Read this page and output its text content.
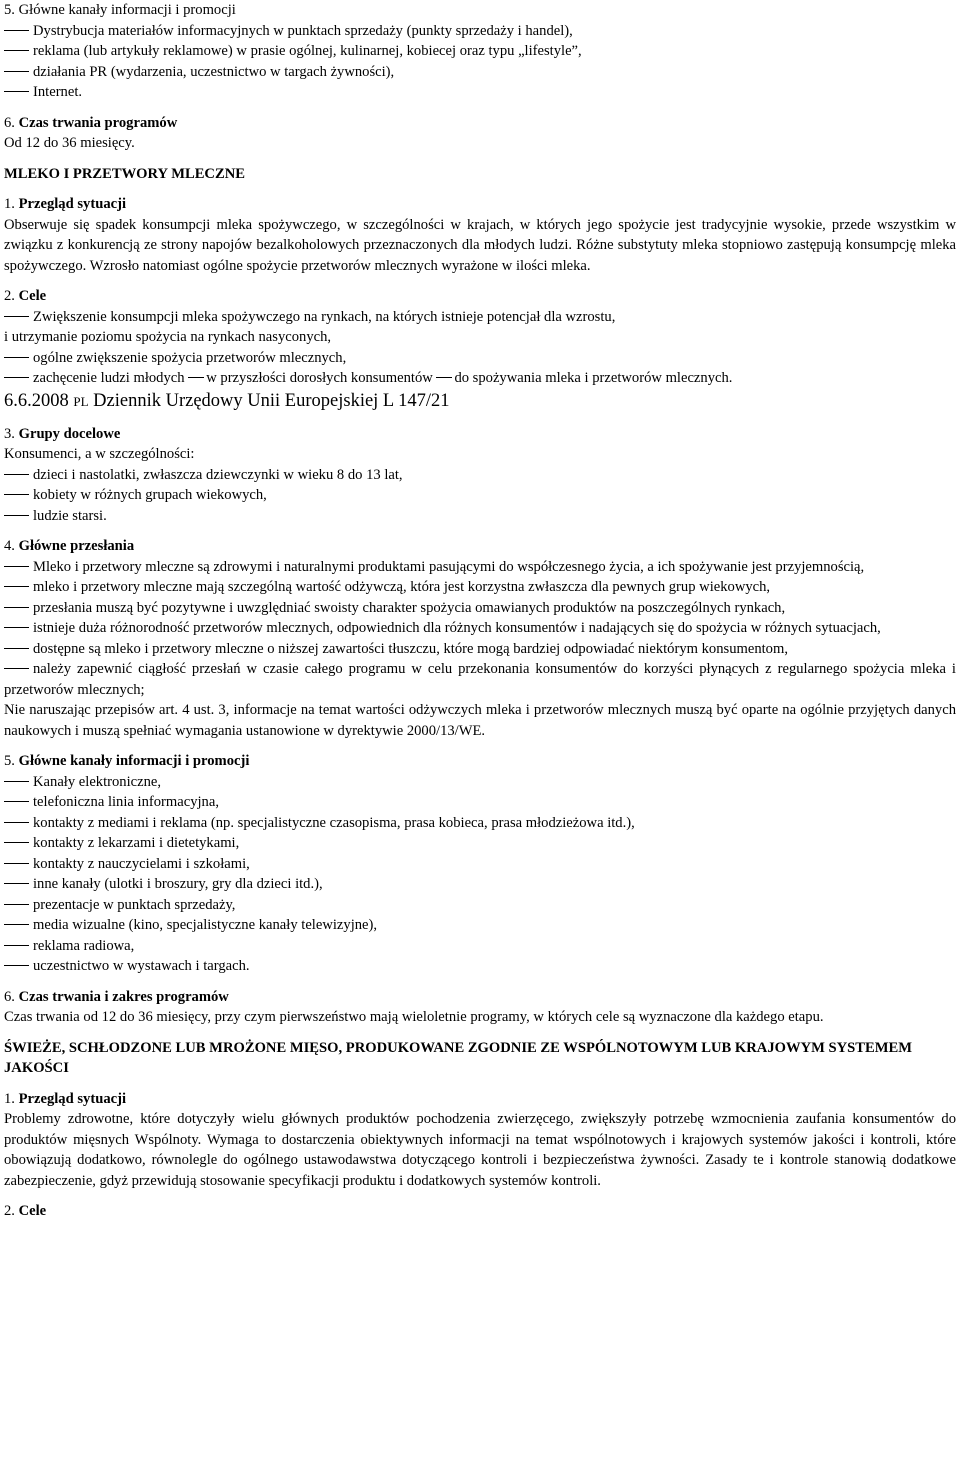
5. Główne kanały informacji i promocji

Dystrybucja materiałów informacyjnych w punktach sprzedaży (punkty sprzedaży i handel),

reklama (lub artykuły reklamowe) w prasie ogólnej, kulinarnej, kobiecej oraz typu „lifestyle”,

działania PR (wydarzenia, uczestnictwo w targach żywności),

Internet.

6. Czas trwania programów

Od 12 do 36 miesięcy.

MLEKO I PRZETWORY MLECZNE

1. Przegląd sytuacji

Obserwuje się spadek konsumpcji mleka spożywczego, w szczególności w krajach, w których jego spożycie jest tradycyjnie wysokie, przede wszystkim w związku z konkurencją ze strony napojów bezalkoholowych przeznaczonych dla młodych ludzi. Różne substytuty mleka stopniowo zastępują konsumpcję mleka spożywczego. Wzrosło natomiast ogólne spożycie przetworów mlecznych wyrażone w ilości mleka.

2. Cele

Zwiększenie konsumpcji mleka spożywczego na rynkach, na których istnieje potencjał dla wzrostu,

i utrzymanie poziomu spożycia na rynkach nasyconych,

ogólne zwiększenie spożycia przetworów mlecznych,

zachęcenie ludzi młodych w przyszłości dorosłych konsumentów do spożywania mleka i przetworów mlecznych.

6.6.2008 PL Dziennik Urzędowy Unii Europejskiej L 147/21

3. Grupy docelowe

Konsumenci, a w szczególności:

dzieci i nastolatki, zwłaszcza dziewczynki w wieku 8 do 13 lat,

kobiety w różnych grupach wiekowych,

ludzie starsi.

4. Główne przesłania

Mleko i przetwory mleczne są zdrowymi i naturalnymi produktami pasującymi do współczesnego życia, a ich spożywanie jest przyjemnością,

mleko i przetwory mleczne mają szczególną wartość odżywczą, która jest korzystna zwłaszcza dla pewnych grup wiekowych,

przesłania muszą być pozytywne i uwzględniać swoisty charakter spożycia omawianych produktów na poszczególnych rynkach,

istnieje duża różnorodność przetworów mlecznych, odpowiednich dla różnych konsumentów i nadających się do spożycia w różnych sytuacjach,

dostępne są mleko i przetwory mleczne o niższej zawartości tłuszczu, które mogą bardziej odpowiadać niektórym konsumentom,

należy zapewnić ciągłość przesłań w czasie całego programu w celu przekonania konsumentów do korzyści płynących z regularnego spożycia mleka i przetworów mlecznych;

Nie naruszając przepisów art. 4 ust. 3, informacje na temat wartości odżywczych mleka i przetworów mlecznych muszą być oparte na ogólnie przyjętych danych naukowych i muszą spełniać wymagania ustanowione w dyrektywie 2000/13/WE.

5. Główne kanały informacji i promocji

Kanały elektroniczne,

telefoniczna linia informacyjna,

kontakty z mediami i reklama (np. specjalistyczne czasopisma, prasa kobieca, prasa młodzieżowa itd.),

kontakty z lekarzami i dietetykami,

kontakty z nauczycielami i szkołami,

inne kanały (ulotki i broszury, gry dla dzieci itd.),

prezentacje w punktach sprzedaży,

media wizualne (kino, specjalistyczne kanały telewizyjne),

reklama radiowa,

uczestnictwo w wystawach i targach.

6. Czas trwania i zakres programów

Czas trwania od 12 do 36 miesięcy, przy czym pierwszeństwo mają wieloletnie programy, w których cele są wyznaczone dla każdego etapu.

ŚWIEŻE, SCHŁODZONE LUB MROŻONE MIĘSO, PRODUKOWANE ZGODNIE ZE WSPÓLNOTOWYM LUB KRAJOWYM SYSTEMEM JAKOŚCI

1. Przegląd sytuacji

Problemy zdrowotne, które dotyczyły wielu głównych produktów pochodzenia zwierzęcego, zwiększyły potrzebę wzmocnienia zaufania konsumentów do produktów mięsnych Wspólnoty. Wymaga to dostarczenia obiektywnych informacji na temat wspólnotowych i krajowych systemów jakości i kontroli, które obowiązują dodatkowo, równolegle do ogólnego ustawodawstwa dotyczącego kontroli i bezpieczeństwa żywności. Zasady te i kontrole stanowią dodatkowe zabezpieczenie, gdyż przewidują stosowanie specyfikacji produktu i dodatkowych systemów kontroli.

2. Cele
